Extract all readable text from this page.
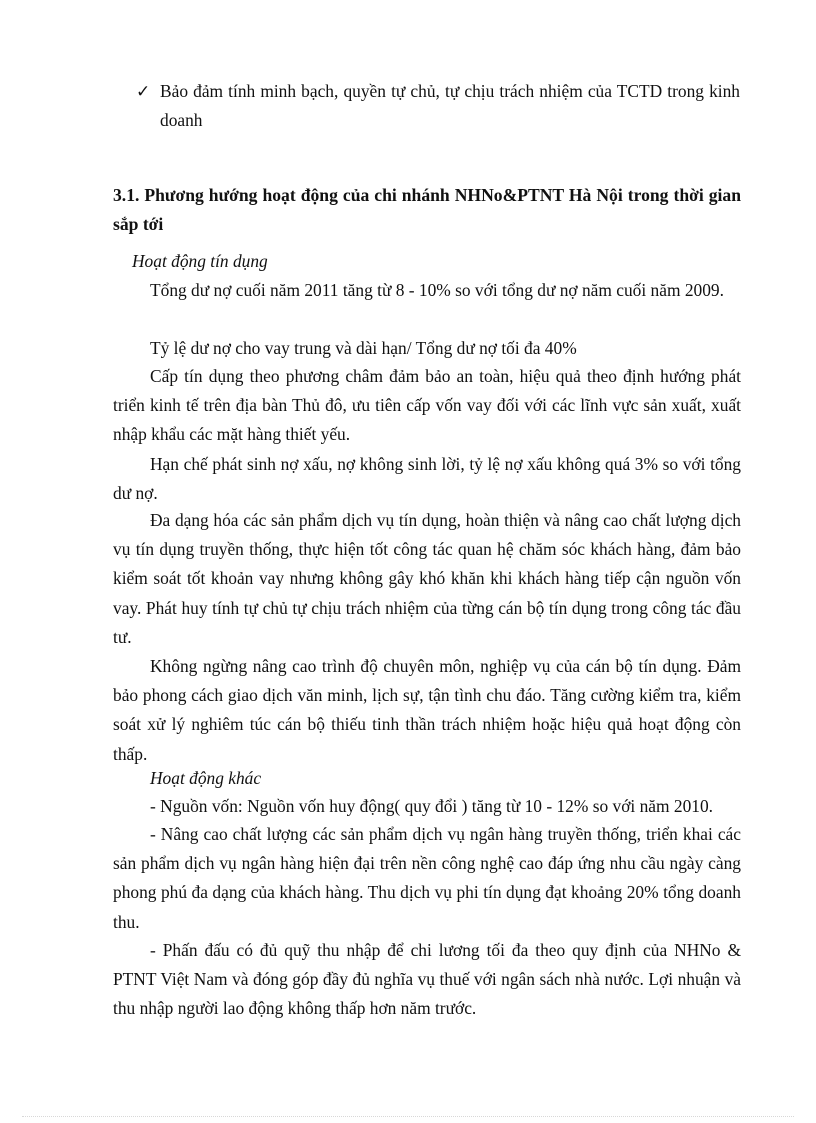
✓ Bảo đảm tính minh bạch, quyền tự chủ, tự chịu trách nhiệm của TCTD trong kinh doanh

3.1. Phương hướng hoạt động của chi nhánh NHNo&PTNT Hà Nội trong thời gian sắp tới

Hoạt động tín dụng

Tổng dư nợ cuối năm 2011 tăng từ 8 - 10% so với tổng dư nợ năm cuối năm 2009.

Tỷ lệ dư nợ cho vay trung và dài hạn/ Tổng dư nợ tối đa 40%

Cấp tín dụng theo phương châm đảm bảo an toàn, hiệu quả theo định hướng phát triển kinh tế trên địa bàn Thủ đô, ưu tiên cấp vốn vay đối với các lĩnh vực sản xuất, xuất nhập khẩu các mặt hàng thiết yếu.

Hạn chế phát sinh nợ xấu, nợ không sinh lời, tỷ lệ nợ xấu không quá 3% so với tổng dư nợ.

Đa dạng hóa các sản phẩm dịch vụ tín dụng, hoàn thiện và nâng cao chất lượng dịch vụ tín dụng truyền thống, thực hiện tốt công tác quan hệ chăm sóc khách hàng, đảm bảo kiểm soát tốt khoản vay nhưng không gây khó khăn khi khách hàng tiếp cận nguồn vốn vay. Phát huy tính tự chủ tự chịu trách nhiệm của từng cán bộ tín dụng trong công tác đầu tư.

Không ngừng nâng cao trình độ chuyên môn, nghiệp vụ của cán bộ tín dụng. Đảm bảo phong cách giao dịch văn minh, lịch sự, tận tình chu đáo. Tăng cường kiểm tra, kiểm soát xử lý nghiêm túc cán bộ thiếu tinh thần trách nhiệm hoặc hiệu quả hoạt động còn thấp.

Hoạt động khác

- Nguồn vốn: Nguồn vốn huy động( quy đổi ) tăng từ 10 - 12% so với năm 2010.

- Nâng cao chất lượng các sản phẩm dịch vụ ngân hàng truyền thống, triển khai các sản phẩm dịch vụ ngân hàng hiện đại trên nền công nghệ cao đáp ứng nhu cầu ngày càng phong phú đa dạng của khách hàng. Thu dịch vụ phi tín dụng đạt khoảng 20% tổng doanh thu.

- Phấn đấu có đủ quỹ thu nhập để chi lương tối đa theo quy định của NHNo & PTNT Việt Nam và đóng góp đầy đủ nghĩa vụ thuế với ngân sách nhà nước. Lợi nhuận và thu nhập người lao động không thấp hơn năm trước.
